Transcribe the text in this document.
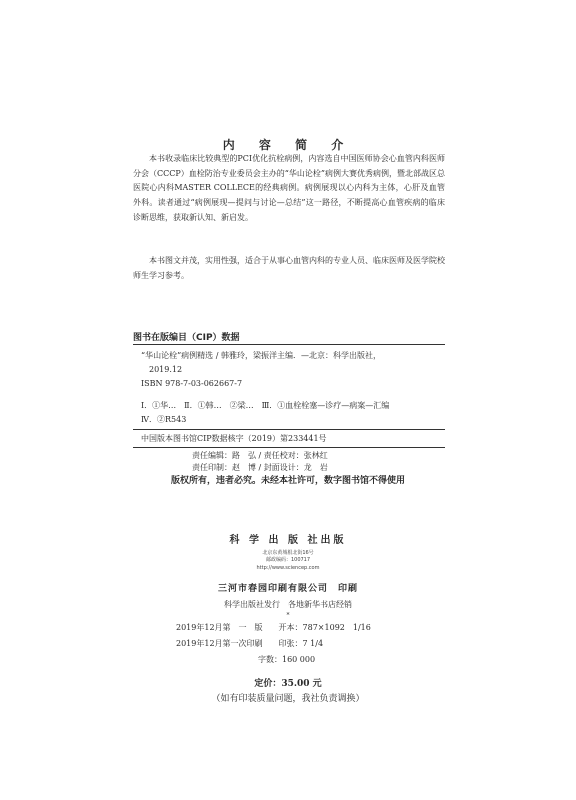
内 容 简 介

本书收录临床比较典型的PCI优化抗栓病例，内容选自中国医师协会心血管内科医师分会（CCCP）血栓防治专业委员会主办的“华山论栓”病例大赛优秀病例，暨北部战区总医院心内科MASTER COLLECE的经典病例。病例展现以心内科为主体，心肝及血管外科。读者通过“病例展现—提问与讨论—总结”这一路径，不断提高心血管疾病的临床诊断思维，获取新认知、新启发。

本书图文并茂，实用性强，适合于从事心血管内科的专业人员、临床医师及医学院校师生学习参考。

图书在版编目（CIP）数据
“华山论栓”病例精选 / 韩雅玲，梁振洋主编．—北京：科学出版社，
2019.12
ISBN 978-7-03-062667-7
Ⅰ．①华…　Ⅱ．①韩…　②梁…　Ⅲ．①血栓栓塞—诊疗—病案—汇编
Ⅳ．②R543
中国版本图书馆CIP数据核字（2019）第233441号
责任编辑：路　弘 / 责任校对：张林红
责任印制：赵　博 / 封面设计：龙　岩
版权所有，违者必究。未经本社许可，数字图书馆不得使用
科 学 出 版 社出版
北京东黄城根北街16号
邮政编码：100717
http://www.sciencep.com
三河市春园印刷有限公司　印刷
科学出版社发行　各地新华书店经销
*
2019年12月第　一　版　　开本：787×1092　1/16
2019年12月第一次印刷　　印张：7 1/4
字数：160 000
定价：35.00 元
（如有印装质量问题，我社负责调换）
